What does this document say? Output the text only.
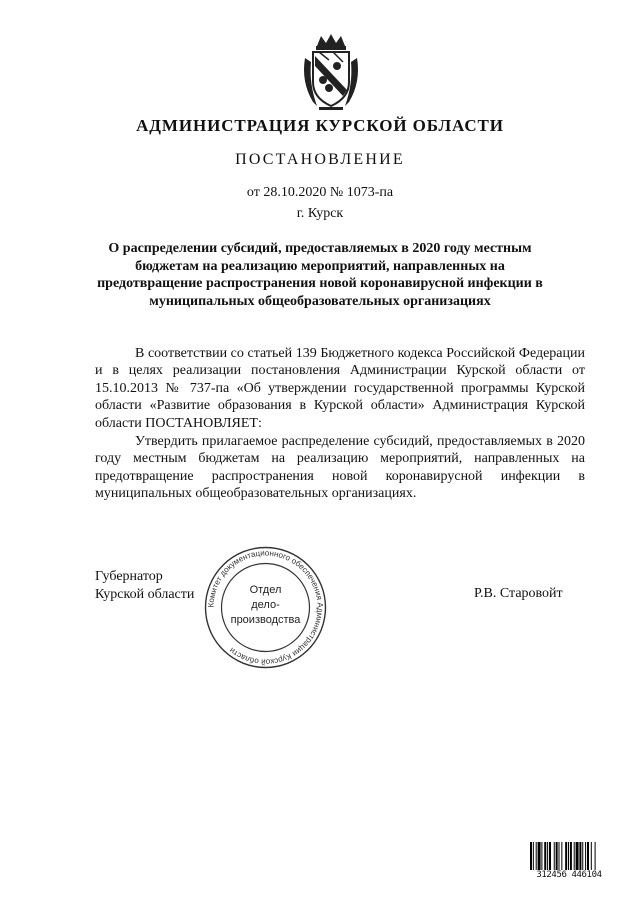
АДМИНИСТРАЦИЯ КУРСКОЙ ОБЛАСТИ
ПОСТАНОВЛЕНИЕ
от 28.10.2020 № 1073-па
г. Курск
О распределении субсидий, предоставляемых в 2020 году местным бюджетам на реализацию мероприятий, направленных на предотвращение распространения новой коронавирусной инфекции в муниципальных общеобразовательных организациях

В соответствии со статьей 139 Бюджетного кодекса Российской Федерации и в целях реализации постановления Администрации Курской области от 15.10.2013 № 737-па «Об утверждении государственной программы Курской области «Развитие образования в Курской области» Администрация Курской области ПОСТАНОВЛЯЕТ:

Утвердить прилагаемое распределение субсидий, предоставляемых в 2020 году местным бюджетам на реализацию мероприятий, направленных на предотвращение распространения новой коронавирусной инфекции в муниципальных общеобразовательных организациях.

Губернатор
Курской области	Р.В. Старовойт
Комитет документационного обеспечения Администрации Курской области
Отдел
дело-
производства
312456 446104
